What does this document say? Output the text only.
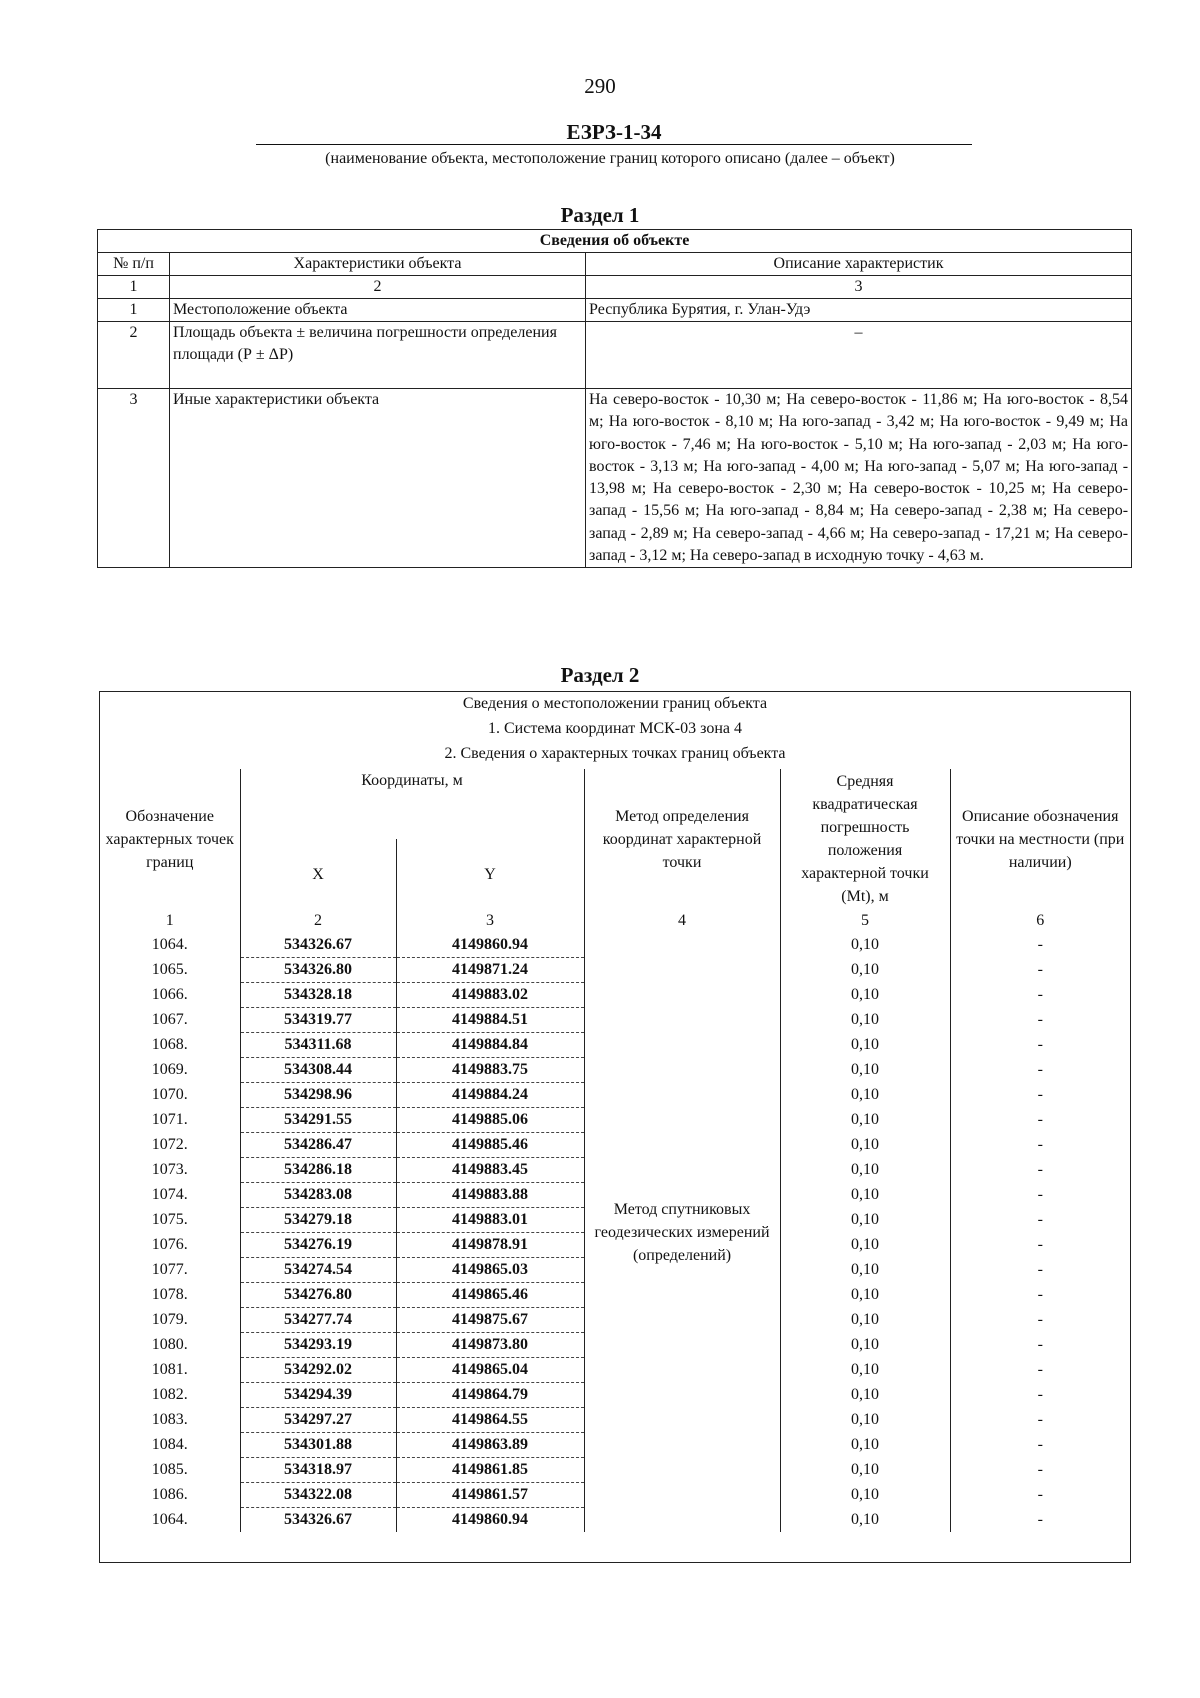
290
ЕЗРЗ-1-34
(наименование объекта, местоположение границ которого описано (далее – объект)
Раздел 1
Сведения об объекте		
№ п/п	Характеристики объекта	Описание характеристик
1	2	3
1	Местоположение объекта	Республика Бурятия, г. Улан-Удэ
2	Площадь объекта ± величина погрешности определения площади (Р ± ΔР)	–
3	Иные характеристики объекта	На северо-восток - 10,30 м; На северо-восток - 11,86 м; На юго-восток - 8,54 м; На юго-восток - 8,10 м; На юго-запад - 3,42 м; На юго-восток - 9,49 м; На юго-восток - 7,46 м; На юго-восток - 5,10 м; На юго-запад - 2,03 м; На юго-восток - 3,13 м; На юго-запад - 4,00 м; На юго-запад - 5,07 м; На юго-запад - 13,98 м; На северо-восток - 2,30 м; На северо-восток - 10,25 м; На северо-запад - 15,56 м; На юго-запад - 8,84 м; На северо-запад - 2,38 м; На северо-запад - 2,89 м; На северо-запад - 4,66 м; На северо-запад - 17,21 м; На северо-запад - 3,12 м; На северо-запад в исходную точку - 4,63 м.
Раздел 2
Сведения о местоположении границ объекта
1. Система координат МСК-03 зона 4
2. Сведения о характерных точках границ объекта
Обозначение характерных точек границ	Координаты, м		Метод определения координат характерной точки	Средняя квадратическая погрешность положения характерной точки (Mt), м	Описание обозначения точки на местности (при наличии)
	X	Y			
1	2	3	4	5	6
1064.	534326.67	4149860.94	Метод спутниковых геодезических измерений (определений)	0,10	-
1065.	534326.80	4149871.24		0,10	-
1066.	534328.18	4149883.02		0,10	-
1067.	534319.77	4149884.51		0,10	-
1068.	534311.68	4149884.84		0,10	-
1069.	534308.44	4149883.75		0,10	-
1070.	534298.96	4149884.24		0,10	-
1071.	534291.55	4149885.06		0,10	-
1072.	534286.47	4149885.46		0,10	-
1073.	534286.18	4149883.45		0,10	-
1074.	534283.08	4149883.88		0,10	-
1075.	534279.18	4149883.01		0,10	-
1076.	534276.19	4149878.91		0,10	-
1077.	534274.54	4149865.03		0,10	-
1078.	534276.80	4149865.46		0,10	-
1079.	534277.74	4149875.67		0,10	-
1080.	534293.19	4149873.80		0,10	-
1081.	534292.02	4149865.04		0,10	-
1082.	534294.39	4149864.79		0,10	-
1083.	534297.27	4149864.55		0,10	-
1084.	534301.88	4149863.89		0,10	-
1085.	534318.97	4149861.85		0,10	-
1086.	534322.08	4149861.57		0,10	-
1064.	534326.67	4149860.94		0,10	-
